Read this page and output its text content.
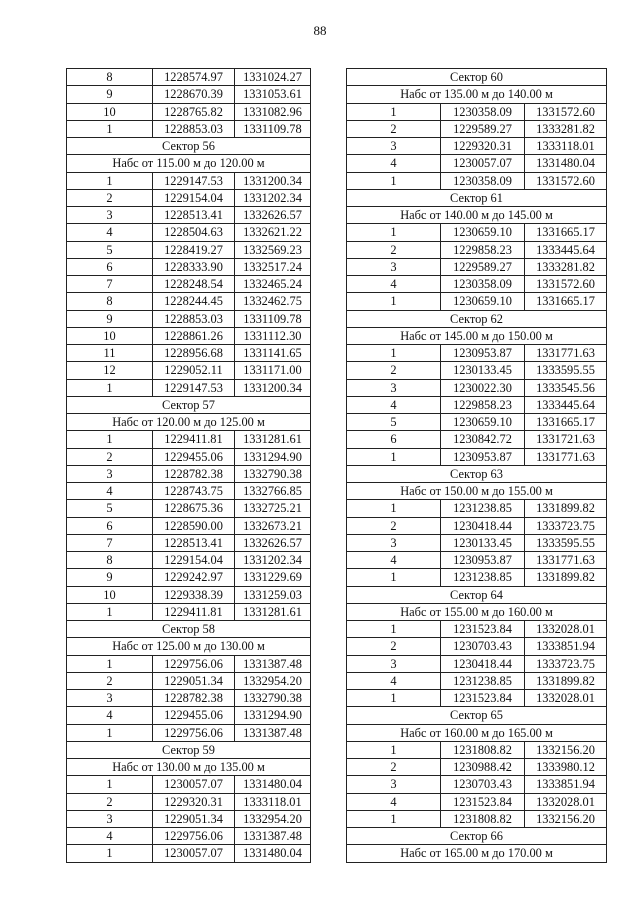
88
8	1228574.97	1331024.27
9	1228670.39	1331053.61
10	1228765.82	1331082.96
1	1228853.03	1331109.78
Сектор 56		
Набс от 115.00 м до 120.00 м		
1	1229147.53	1331200.34
2	1229154.04	1331202.34
3	1228513.41	1332626.57
4	1228504.63	1332621.22
5	1228419.27	1332569.23
6	1228333.90	1332517.24
7	1228248.54	1332465.24
8	1228244.45	1332462.75
9	1228853.03	1331109.78
10	1228861.26	1331112.30
11	1228956.68	1331141.65
12	1229052.11	1331171.00
1	1229147.53	1331200.34
Сектор 57		
Набс от 120.00 м до 125.00 м		
1	1229411.81	1331281.61
2	1229455.06	1331294.90
3	1228782.38	1332790.38
4	1228743.75	1332766.85
5	1228675.36	1332725.21
6	1228590.00	1332673.21
7	1228513.41	1332626.57
8	1229154.04	1331202.34
9	1229242.97	1331229.69
10	1229338.39	1331259.03
1	1229411.81	1331281.61
Сектор 58		
Набс от 125.00 м до 130.00 м		
1	1229756.06	1331387.48
2	1229051.34	1332954.20
3	1228782.38	1332790.38
4	1229455.06	1331294.90
1	1229756.06	1331387.48
Сектор 59		
Набс от 130.00 м до 135.00 м		
1	1230057.07	1331480.04
2	1229320.31	1333118.01
3	1229051.34	1332954.20
4	1229756.06	1331387.48
1	1230057.07	1331480.04
Сектор 60		
Набс от 135.00 м до 140.00 м		
1	1230358.09	1331572.60
2	1229589.27	1333281.82
3	1229320.31	1333118.01
4	1230057.07	1331480.04
1	1230358.09	1331572.60
Сектор 61		
Набс от 140.00 м до 145.00 м		
1	1230659.10	1331665.17
2	1229858.23	1333445.64
3	1229589.27	1333281.82
4	1230358.09	1331572.60
1	1230659.10	1331665.17
Сектор 62		
Набс от 145.00 м до 150.00 м		
1	1230953.87	1331771.63
2	1230133.45	1333595.55
3	1230022.30	1333545.56
4	1229858.23	1333445.64
5	1230659.10	1331665.17
6	1230842.72	1331721.63
1	1230953.87	1331771.63
Сектор 63		
Набс от 150.00 м до 155.00 м		
1	1231238.85	1331899.82
2	1230418.44	1333723.75
3	1230133.45	1333595.55
4	1230953.87	1331771.63
1	1231238.85	1331899.82
Сектор 64		
Набс от 155.00 м до 160.00 м		
1	1231523.84	1332028.01
2	1230703.43	1333851.94
3	1230418.44	1333723.75
4	1231238.85	1331899.82
1	1231523.84	1332028.01
Сектор 65		
Набс от 160.00 м до 165.00 м		
1	1231808.82	1332156.20
2	1230988.42	1333980.12
3	1230703.43	1333851.94
4	1231523.84	1332028.01
1	1231808.82	1332156.20
Сектор 66		
Набс от 165.00 м до 170.00 м		
